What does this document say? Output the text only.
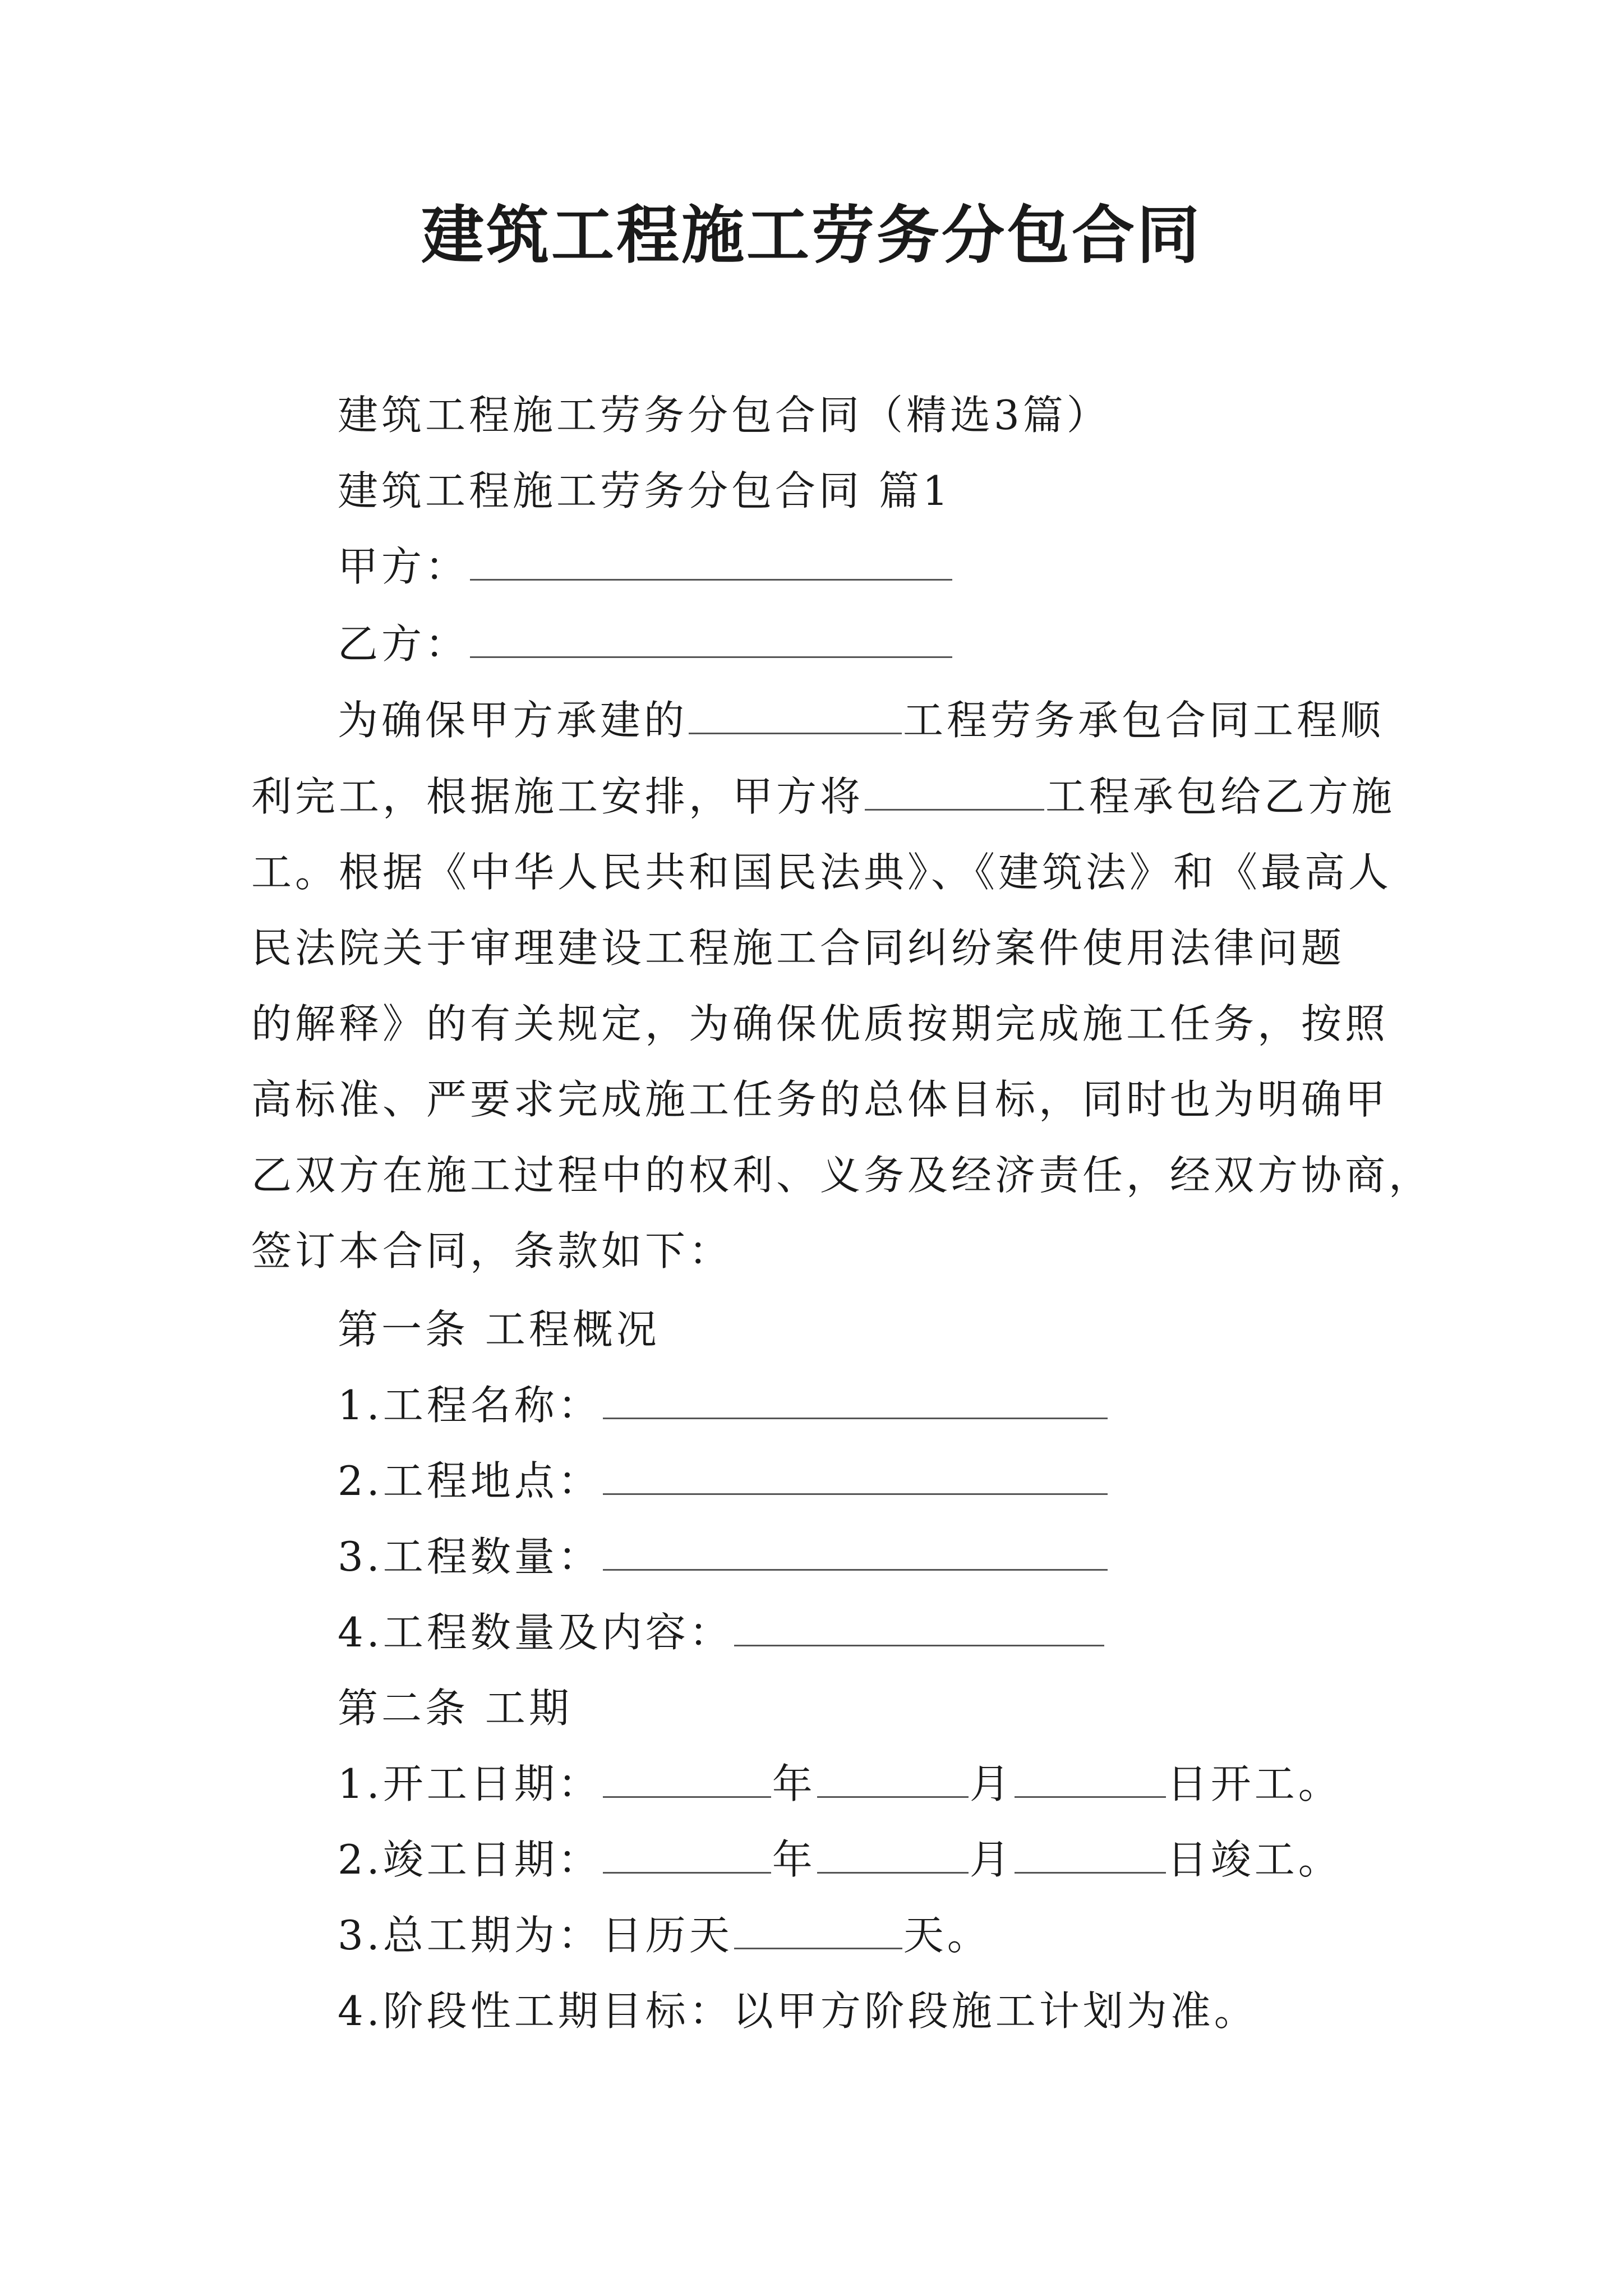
建筑工程施工劳务分包合同
建筑工程施工劳务分包合同（精选3篇）
建筑工程施工劳务分包合同 篇1
甲方：
乙方：
为确保甲方承建的	工程劳务承包合同工程顺
利完工，根据施工安排，甲方将	工程承包给乙方施
工。根据《中华人民共和国民法典》、《建筑法》和《最高人
民法院关于审理建设工程施工合同纠纷案件使用法律问题
的解释》的有关规定，为确保优质按期完成施工任务，按照
高标准、严要求完成施工任务的总体目标，同时也为明确甲
乙双方在施工过程中的权利、义务及经济责任，经双方协商，
签订本合同，条款如下：
第一条 工程概况
1.工程名称：
2.工程地点：
3.工程数量：
4.工程数量及内容：
第二条 工期
1.开工日期：	年	月	日开工。
2.竣工日期：	年	月	日竣工。
3.总工期为：日历天	天。
4.阶段性工期目标：以甲方阶段施工计划为准。
